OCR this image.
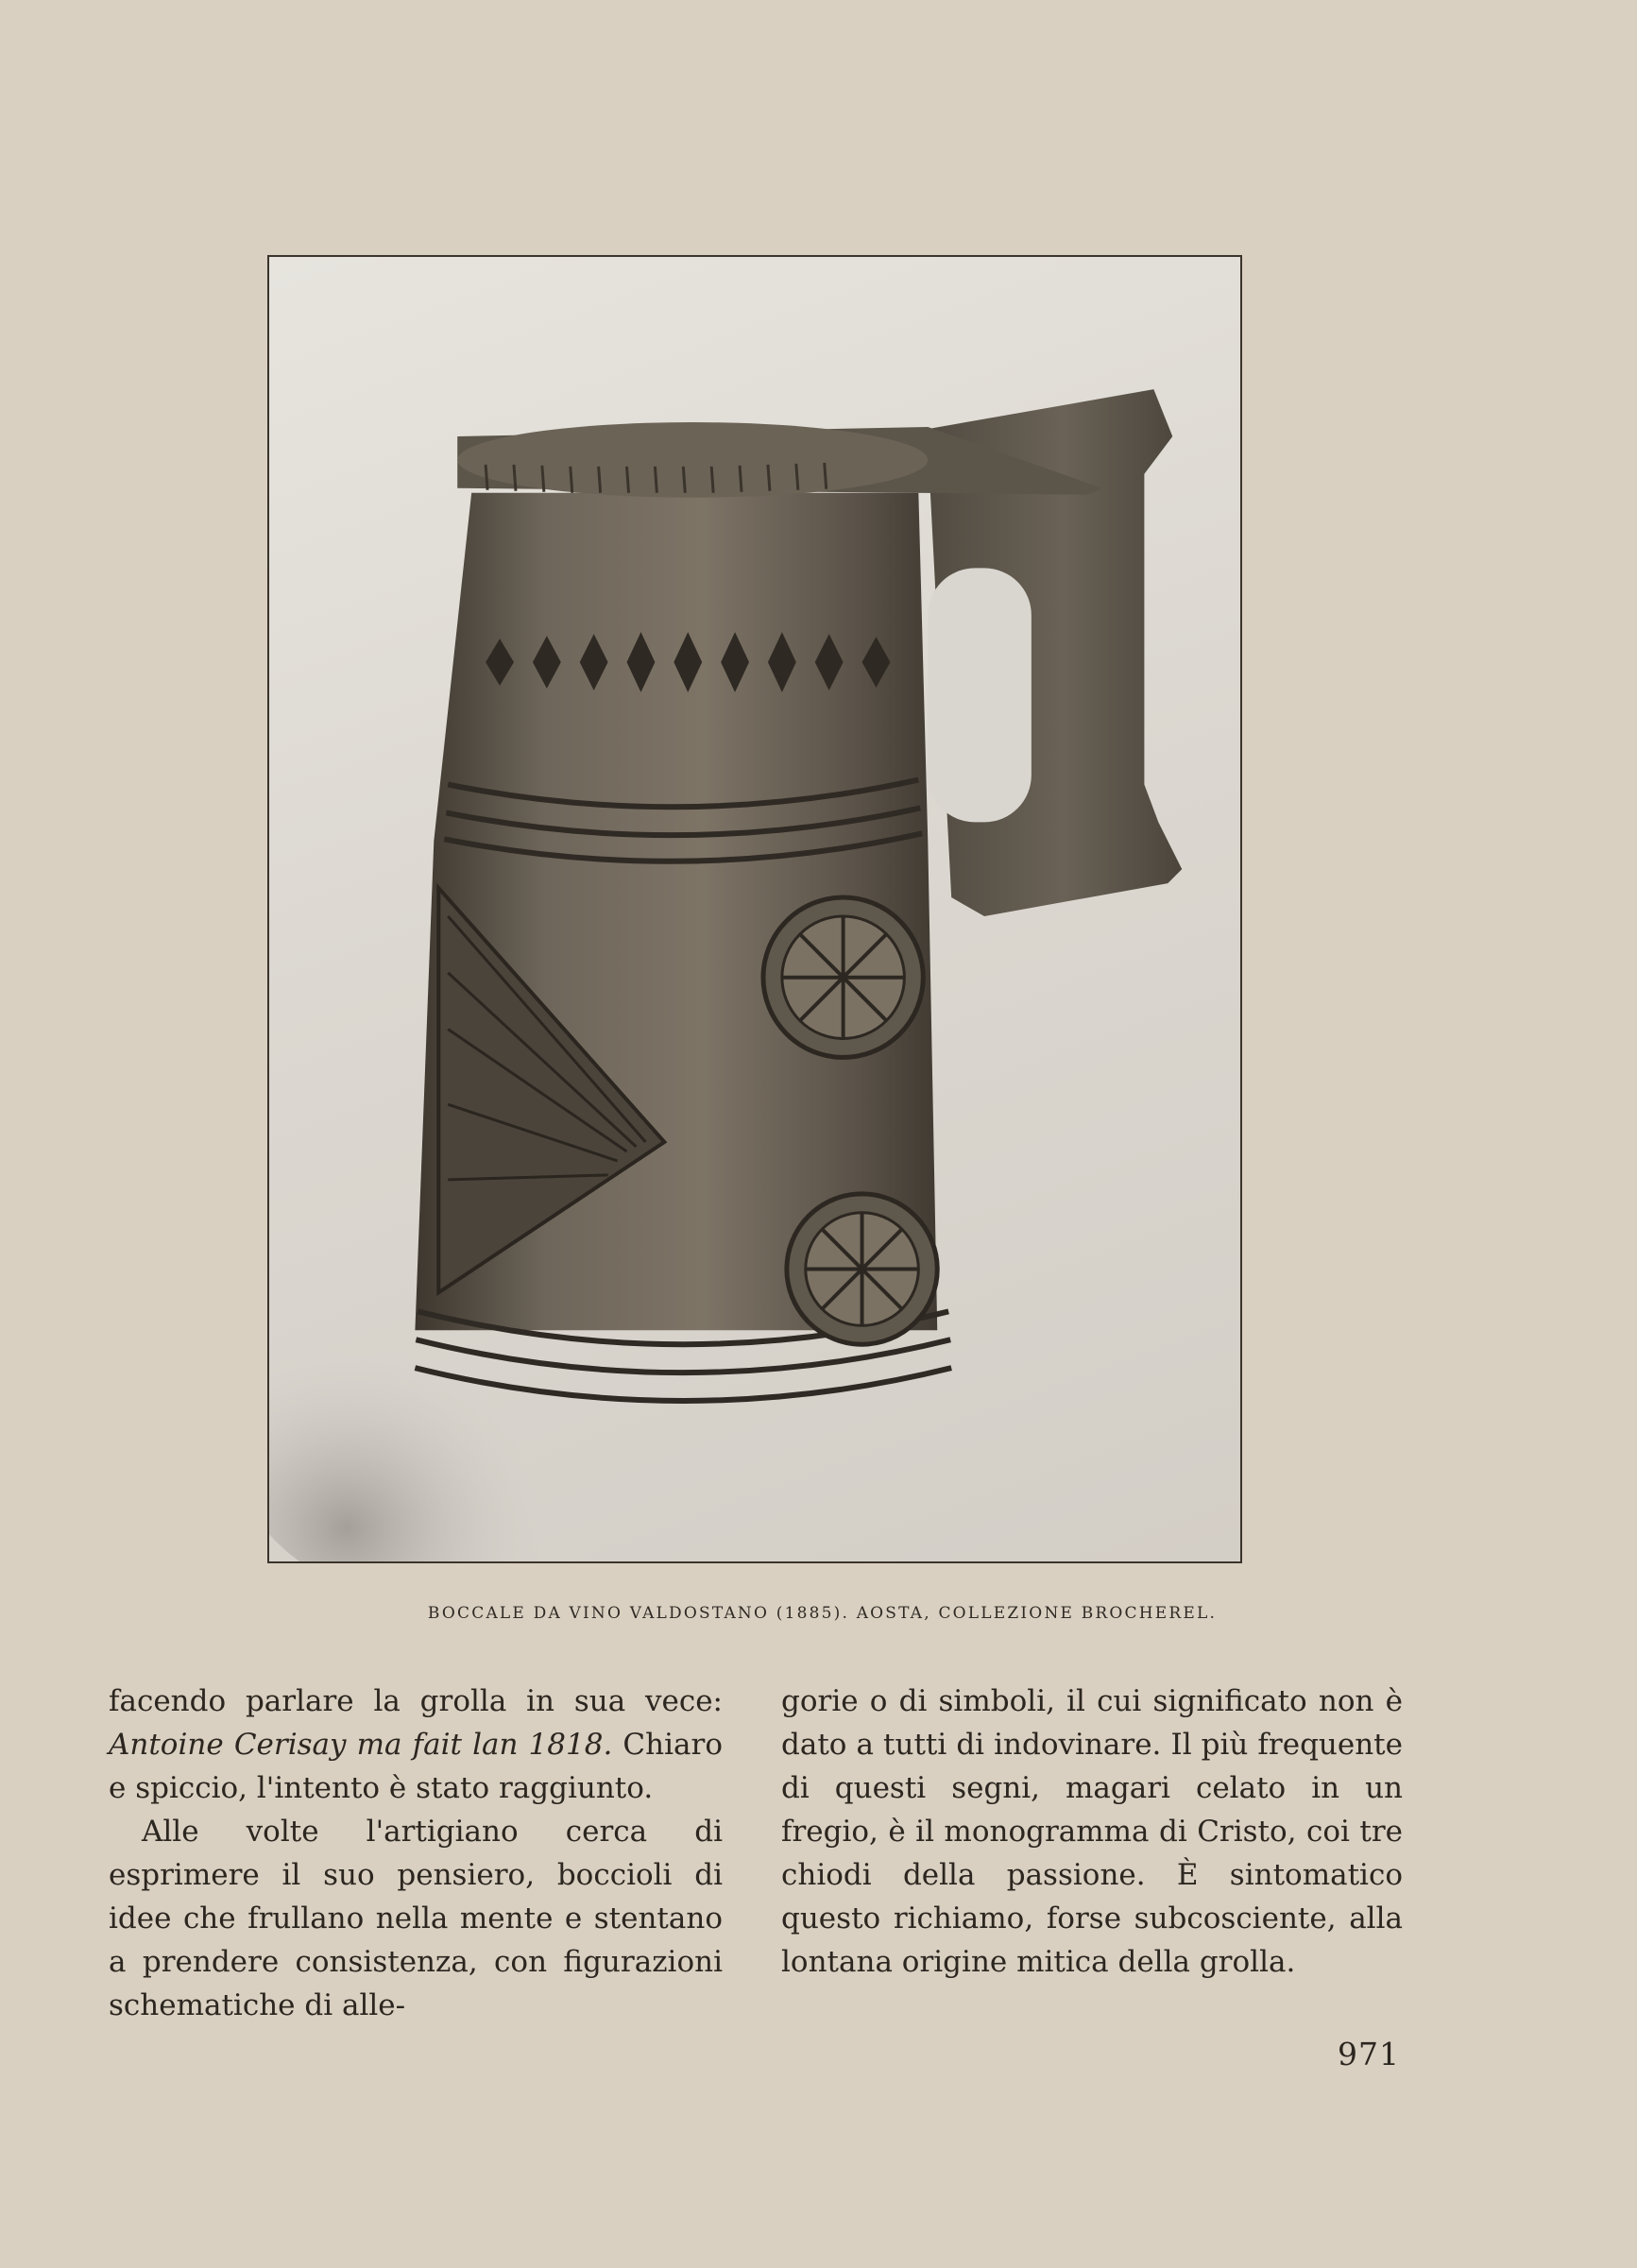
BOCCALE DA VINO VALDOSTANO (1885). AOSTA, COLLEZIONE BROCHEREL.

facendo parlare la grolla in sua vece: Antoine Cerisay ma fait lan 1818. Chiaro e spiccio, l'intento è stato raggiunto.

Alle volte l'artigiano cerca di esprimere il suo pensiero, boccioli di idee che frullano nella mente e stentano a prendere consistenza, con figurazioni schematiche di alle-

gorie o di simboli, il cui significato non è dato a tutti di indovinare. Il più frequente di questi segni, magari celato in un fregio, è il monogramma di Cristo, coi tre chiodi della passione. È sintomatico questo richiamo, forse subcosciente, alla lontana origine mitica della grolla.

971
